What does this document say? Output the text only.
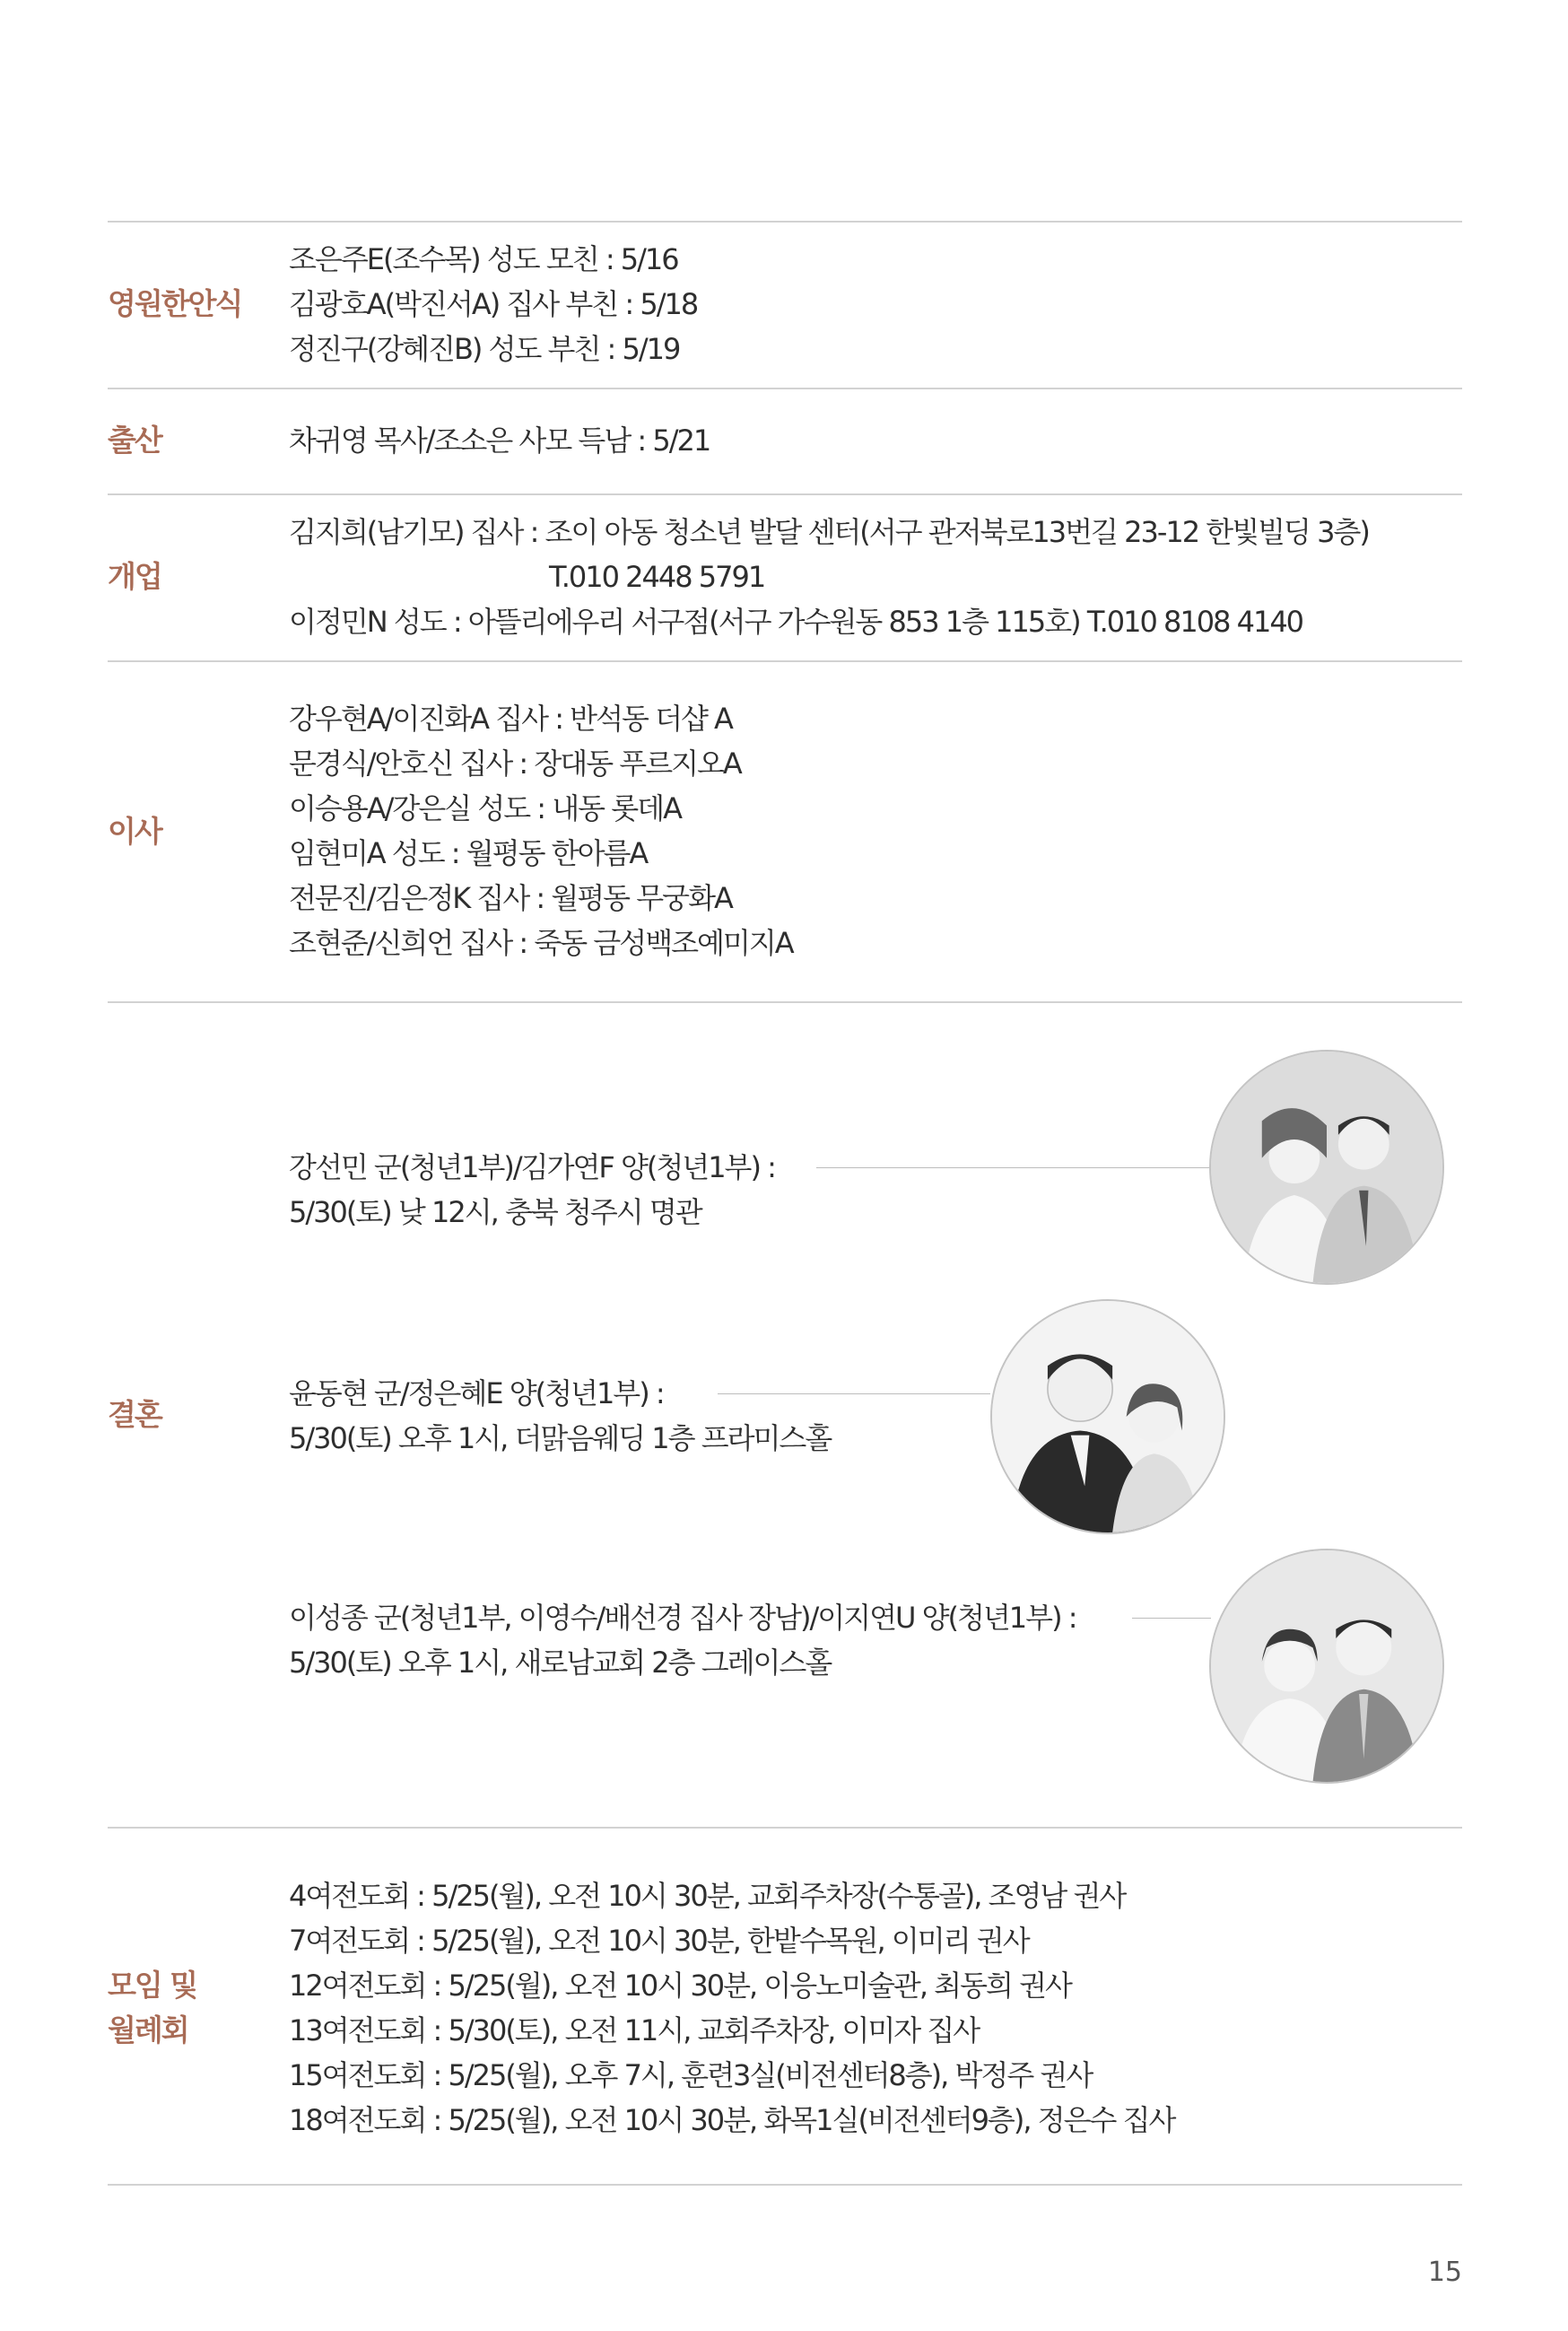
영원한안식
조은주E(조수목) 성도 모친 : 5/16
김광호A(박진서A) 집사 부친 : 5/18
정진구(강혜진B) 성도 부친 : 5/19
출산	차귀영 목사/조소은 사모 득남 : 5/21
개업
김지희(남기모) 집사 : 조이 아동 청소년 발달 센터(서구 관저북로13번길 23-12 한빛빌딩 3층)
T.010 2448 5791
이정민N 성도 : 아뜰리에우리 서구점(서구 가수원동 853 1층 115호) T.010 8108 4140
이사
강우현A/이진화A 집사 : 반석동 더샵 A
문경식/안호신 집사 : 장대동 푸르지오A
이승용A/강은실 성도 : 내동 롯데A
임현미A 성도 : 월평동 한아름A
전문진/김은정K 집사 : 월평동 무궁화A
조현준/신희언 집사 : 죽동 금성백조예미지A
결혼
강선민 군(청년1부)/김가연F 양(청년1부) :
5/30(토) 낮 12시, 충북 청주시 명관
윤동현 군/정은혜E 양(청년1부) :
5/30(토) 오후 1시, 더맑음웨딩 1층 프라미스홀
이성종 군(청년1부, 이영수/배선경 집사 장남)/이지연U 양(청년1부) :
5/30(토) 오후 1시, 새로남교회 2층 그레이스홀
모임 및
월례회
4여전도회 : 5/25(월), 오전 10시 30분, 교회주차장(수통골), 조영남 권사
7여전도회 : 5/25(월), 오전 10시 30분, 한밭수목원, 이미리 권사
12여전도회 : 5/25(월), 오전 10시 30분, 이응노미술관, 최동희 권사
13여전도회 : 5/30(토), 오전 11시, 교회주차장, 이미자 집사
15여전도회 : 5/25(월), 오후 7시, 훈련3실(비전센터8층), 박정주 권사
18여전도회 : 5/25(월), 오전 10시 30분, 화목1실(비전센터9층), 정은수 집사
15
